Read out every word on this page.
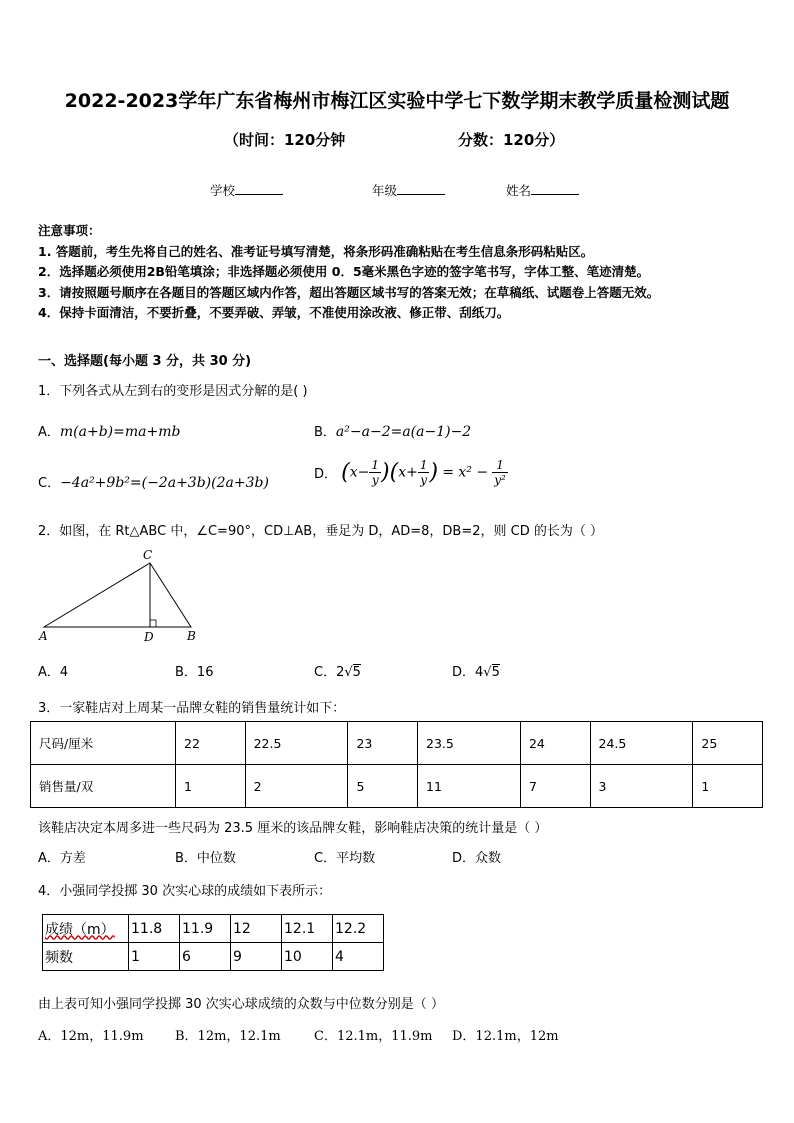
2022-2023学年广东省梅州市梅江区实验中学七下数学期末教学质量检测试题
（时间：120分钟	分数：120分）
学校	年级	姓名
注意事项：
1. 答题前，考生先将自己的姓名、准考证号填写清楚，将条形码准确粘贴在考生信息条形码粘贴区。
2．选择题必须使用2B铅笔填涂；非选择题必须使用 0．5毫米黑色字迹的签字笔书写，字体工整、笔迹清楚。
3．请按照题号顺序在各题目的答题区域内作答，超出答题区域书写的答案无效；在草稿纸、试题卷上答题无效。
4．保持卡面清洁，不要折叠，不要弄破、弄皱，不准使用涂改液、修正带、刮纸刀。
一、选择题(每小题 3 分，共 30 分)
1．下列各式从左到右的变形是因式分解的是( )
A．m(a+b)=ma+mb	B．a²−a−2=a(a−1)−2
C．−4a²+9b²=(−2a+3b)(2a+3b)
D． $(x- \frac{1}{y} )(x+ \frac{1}{y}$ ) = $x^2 - \frac{1}{\text{y²}}$
2．如图，在 Rt△ABC 中，∠C=90°，CD⊥AB，垂足为 D，AD=8，DB=2，则 CD 的长为（ ）
A
C
D	B
A．4	B．16	C．2√5	D．4√5
3．一家鞋店对上周某一品牌女鞋的销售量统计如下：
尺码/厘米	22	22.5	23	23.5	24	24.5	25
销售量/双	1	2	5	11	7	3	1
该鞋店决定本周多进一些尺码为 23.5 厘米的该品牌女鞋，影响鞋店决策的统计量是（ ）
A．方差	B．中位数	C．平均数	D．众数
4．小强同学投掷 30 次实心球的成绩如下表所示：
成绩（m）	11.8	11.9	12	12.1	12.2
频数	1	6	9	10	4
由上表可知小强同学投掷 30 次实心球成绩的众数与中位数分别是（ ）
A．12m，11.9m B．12m，12.1m	C．12.1m，11.9m D．12.1m，12m
